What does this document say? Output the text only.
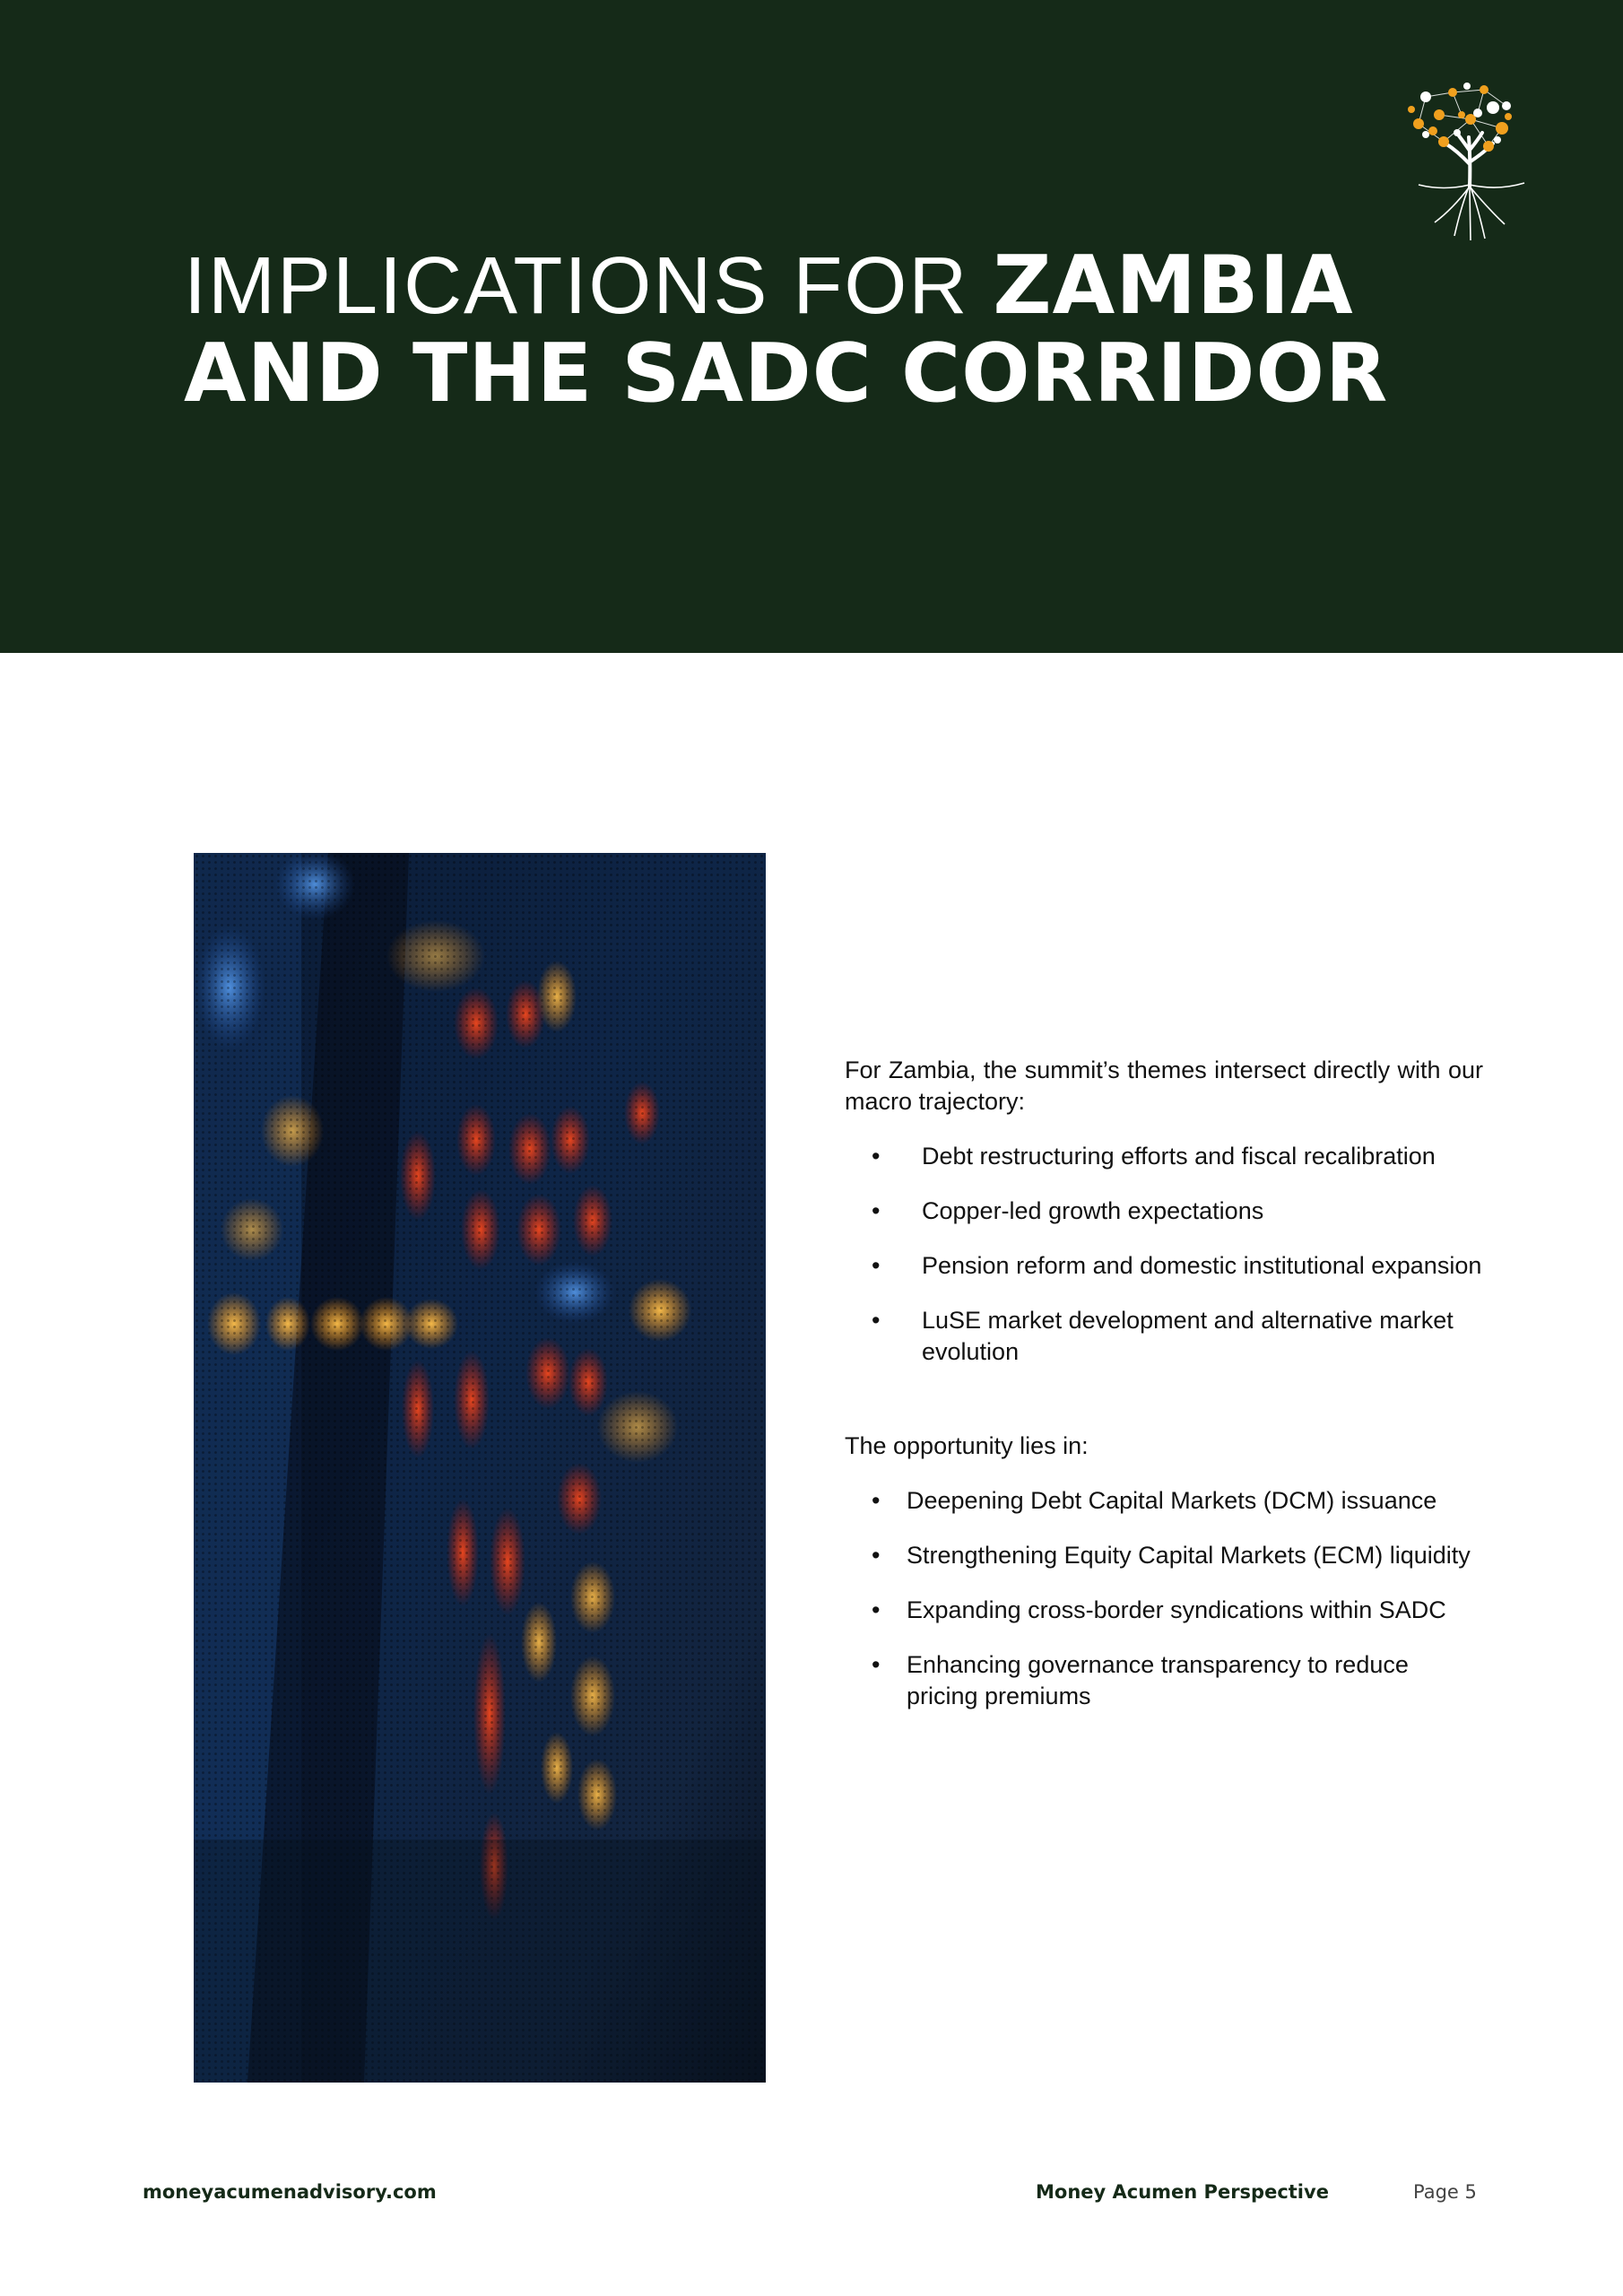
IMPLICATIONS FOR ZAMBIA
AND THE SADC CORRIDOR

For Zambia, the summit’s themes intersect directly with our macro trajectory:

• Debt restructuring efforts and fiscal recalibration
• Copper-led growth expectations
• Pension reform and domestic institutional expansion
• LuSE market development and alternative market evolution

The opportunity lies in:

• Deepening Debt Capital Markets (DCM) issuance
• Strengthening Equity Capital Markets (ECM) liquidity
• Expanding cross-border syndications within SADC
• Enhancing governance transparency to reduce pricing premiums
moneyacumenadvisory.com	Money Acumen Perspective	Page 5
